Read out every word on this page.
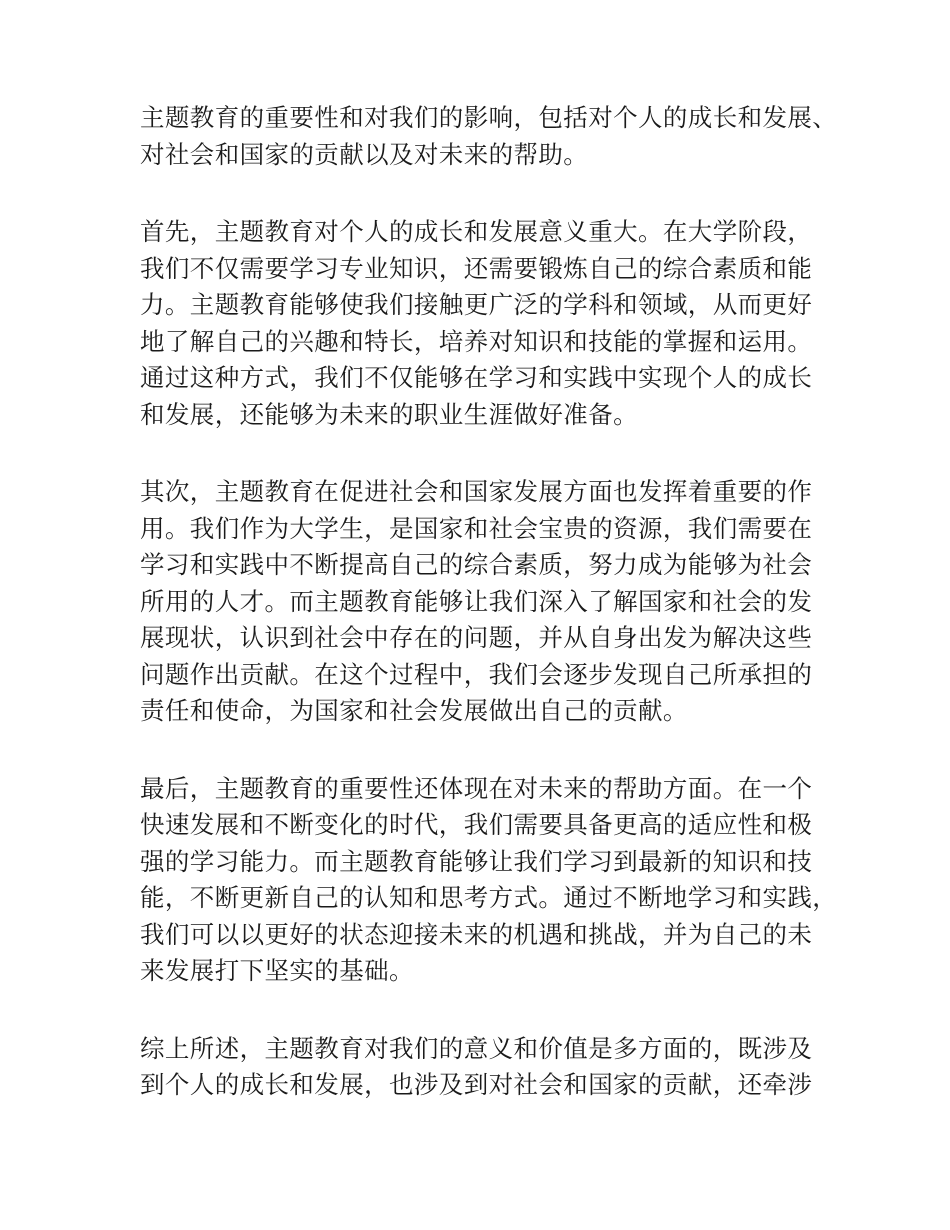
主题教育的重要性和对我们的影响，包括对个人的成长和发展、
对社会和国家的贡献以及对未来的帮助。

首先，主题教育对个人的成长和发展意义重大。在大学阶段，
我们不仅需要学习专业知识，还需要锻炼自己的综合素质和能
力。主题教育能够使我们接触更广泛的学科和领域，从而更好
地了解自己的兴趣和特长，培养对知识和技能的掌握和运用。
通过这种方式，我们不仅能够在学习和实践中实现个人的成长
和发展，还能够为未来的职业生涯做好准备。

其次，主题教育在促进社会和国家发展方面也发挥着重要的作
用。我们作为大学生，是国家和社会宝贵的资源，我们需要在
学习和实践中不断提高自己的综合素质，努力成为能够为社会
所用的人才。而主题教育能够让我们深入了解国家和社会的发
展现状，认识到社会中存在的问题，并从自身出发为解决这些
问题作出贡献。在这个过程中，我们会逐步发现自己所承担的
责任和使命，为国家和社会发展做出自己的贡献。

最后，主题教育的重要性还体现在对未来的帮助方面。在一个
快速发展和不断变化的时代，我们需要具备更高的适应性和极
强的学习能力。而主题教育能够让我们学习到最新的知识和技
能，不断更新自己的认知和思考方式。通过不断地学习和实践，
我们可以以更好的状态迎接未来的机遇和挑战，并为自己的未
来发展打下坚实的基础。

综上所述，主题教育对我们的意义和价值是多方面的，既涉及
到个人的成长和发展，也涉及到对社会和国家的贡献，还牵涉
